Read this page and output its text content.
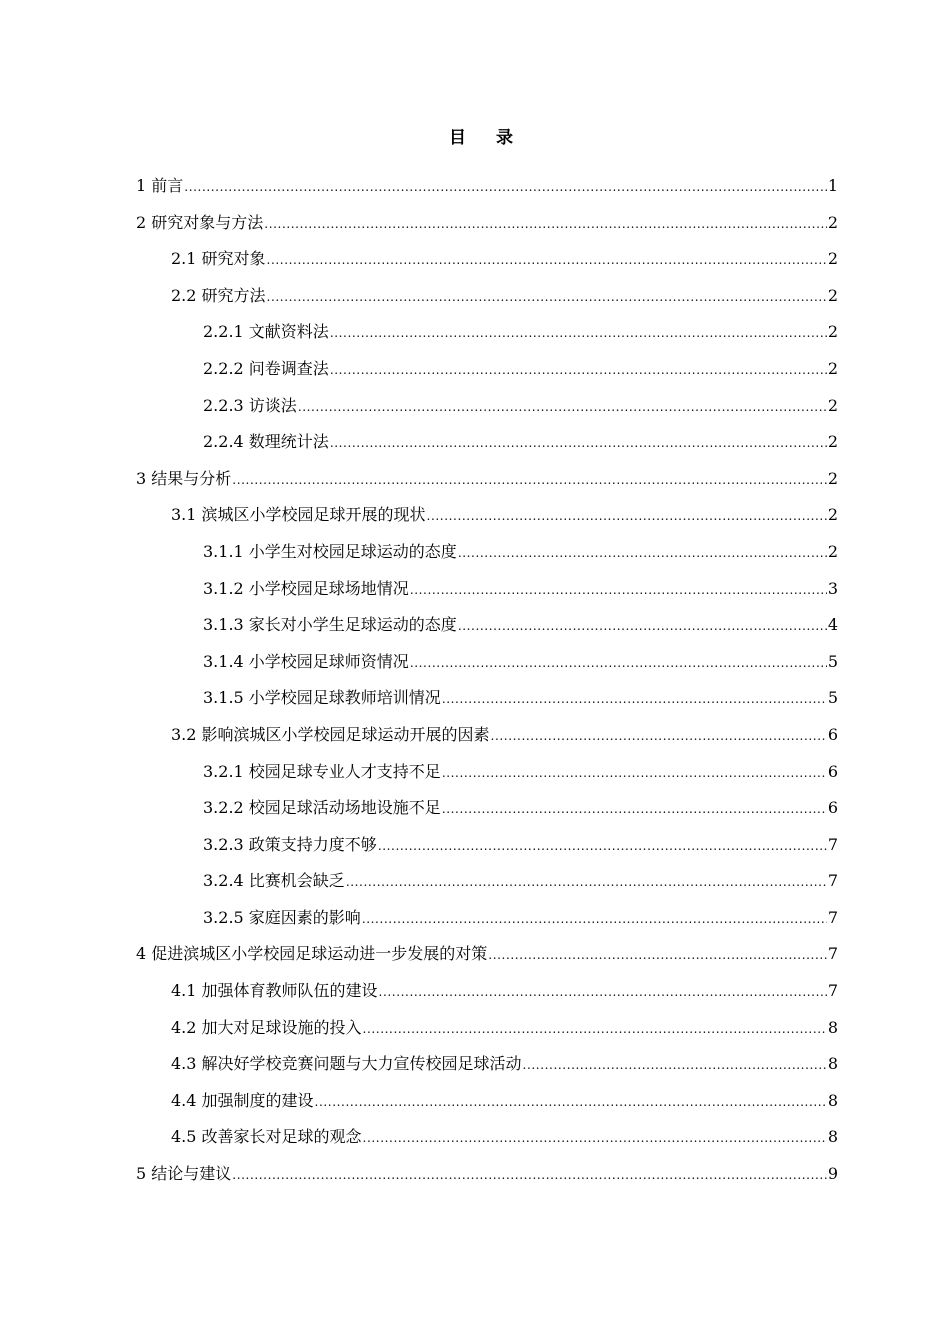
目 录
1 前言 .....	1
2 研究对象与方法 .....	2
2.1 研究对象 .....	2
2.2 研究方法 .....	2
2.2.1 文献资料法 .....	2
2.2.2 问卷调查法 .....	2
2.2.3 访谈法 .....	2
2.2.4 数理统计法 .....	2
3 结果与分析 .....	2
3.1 滨城区小学校园足球开展的现状 .....	2
3.1.1 小学生对校园足球运动的态度 .....	2
3.1.2 小学校园足球场地情况 .....	3
3.1.3 家长对小学生足球运动的态度 .....	4
3.1.4 小学校园足球师资情况 .....	5
3.1.5 小学校园足球教师培训情况 .....	5
3.2 影响滨城区小学校园足球运动开展的因素 .....	6
3.2.1 校园足球专业人才支持不足 .....	6
3.2.2 校园足球活动场地设施不足 .....	6
3.2.3 政策支持力度不够 .....	7
3.2.4 比赛机会缺乏 .....	7
3.2.5 家庭因素的影响 .....	7
4 促进滨城区小学校园足球运动进一步发展的对策 .....	7
4.1 加强体育教师队伍的建设 .....	7
4.2 加大对足球设施的投入 .....	8
4.3 解决好学校竞赛问题与大力宣传校园足球活动 .....	8
4.4 加强制度的建设 .....	8
4.5 改善家长对足球的观念 .....	8
5 结论与建议 .....	9
